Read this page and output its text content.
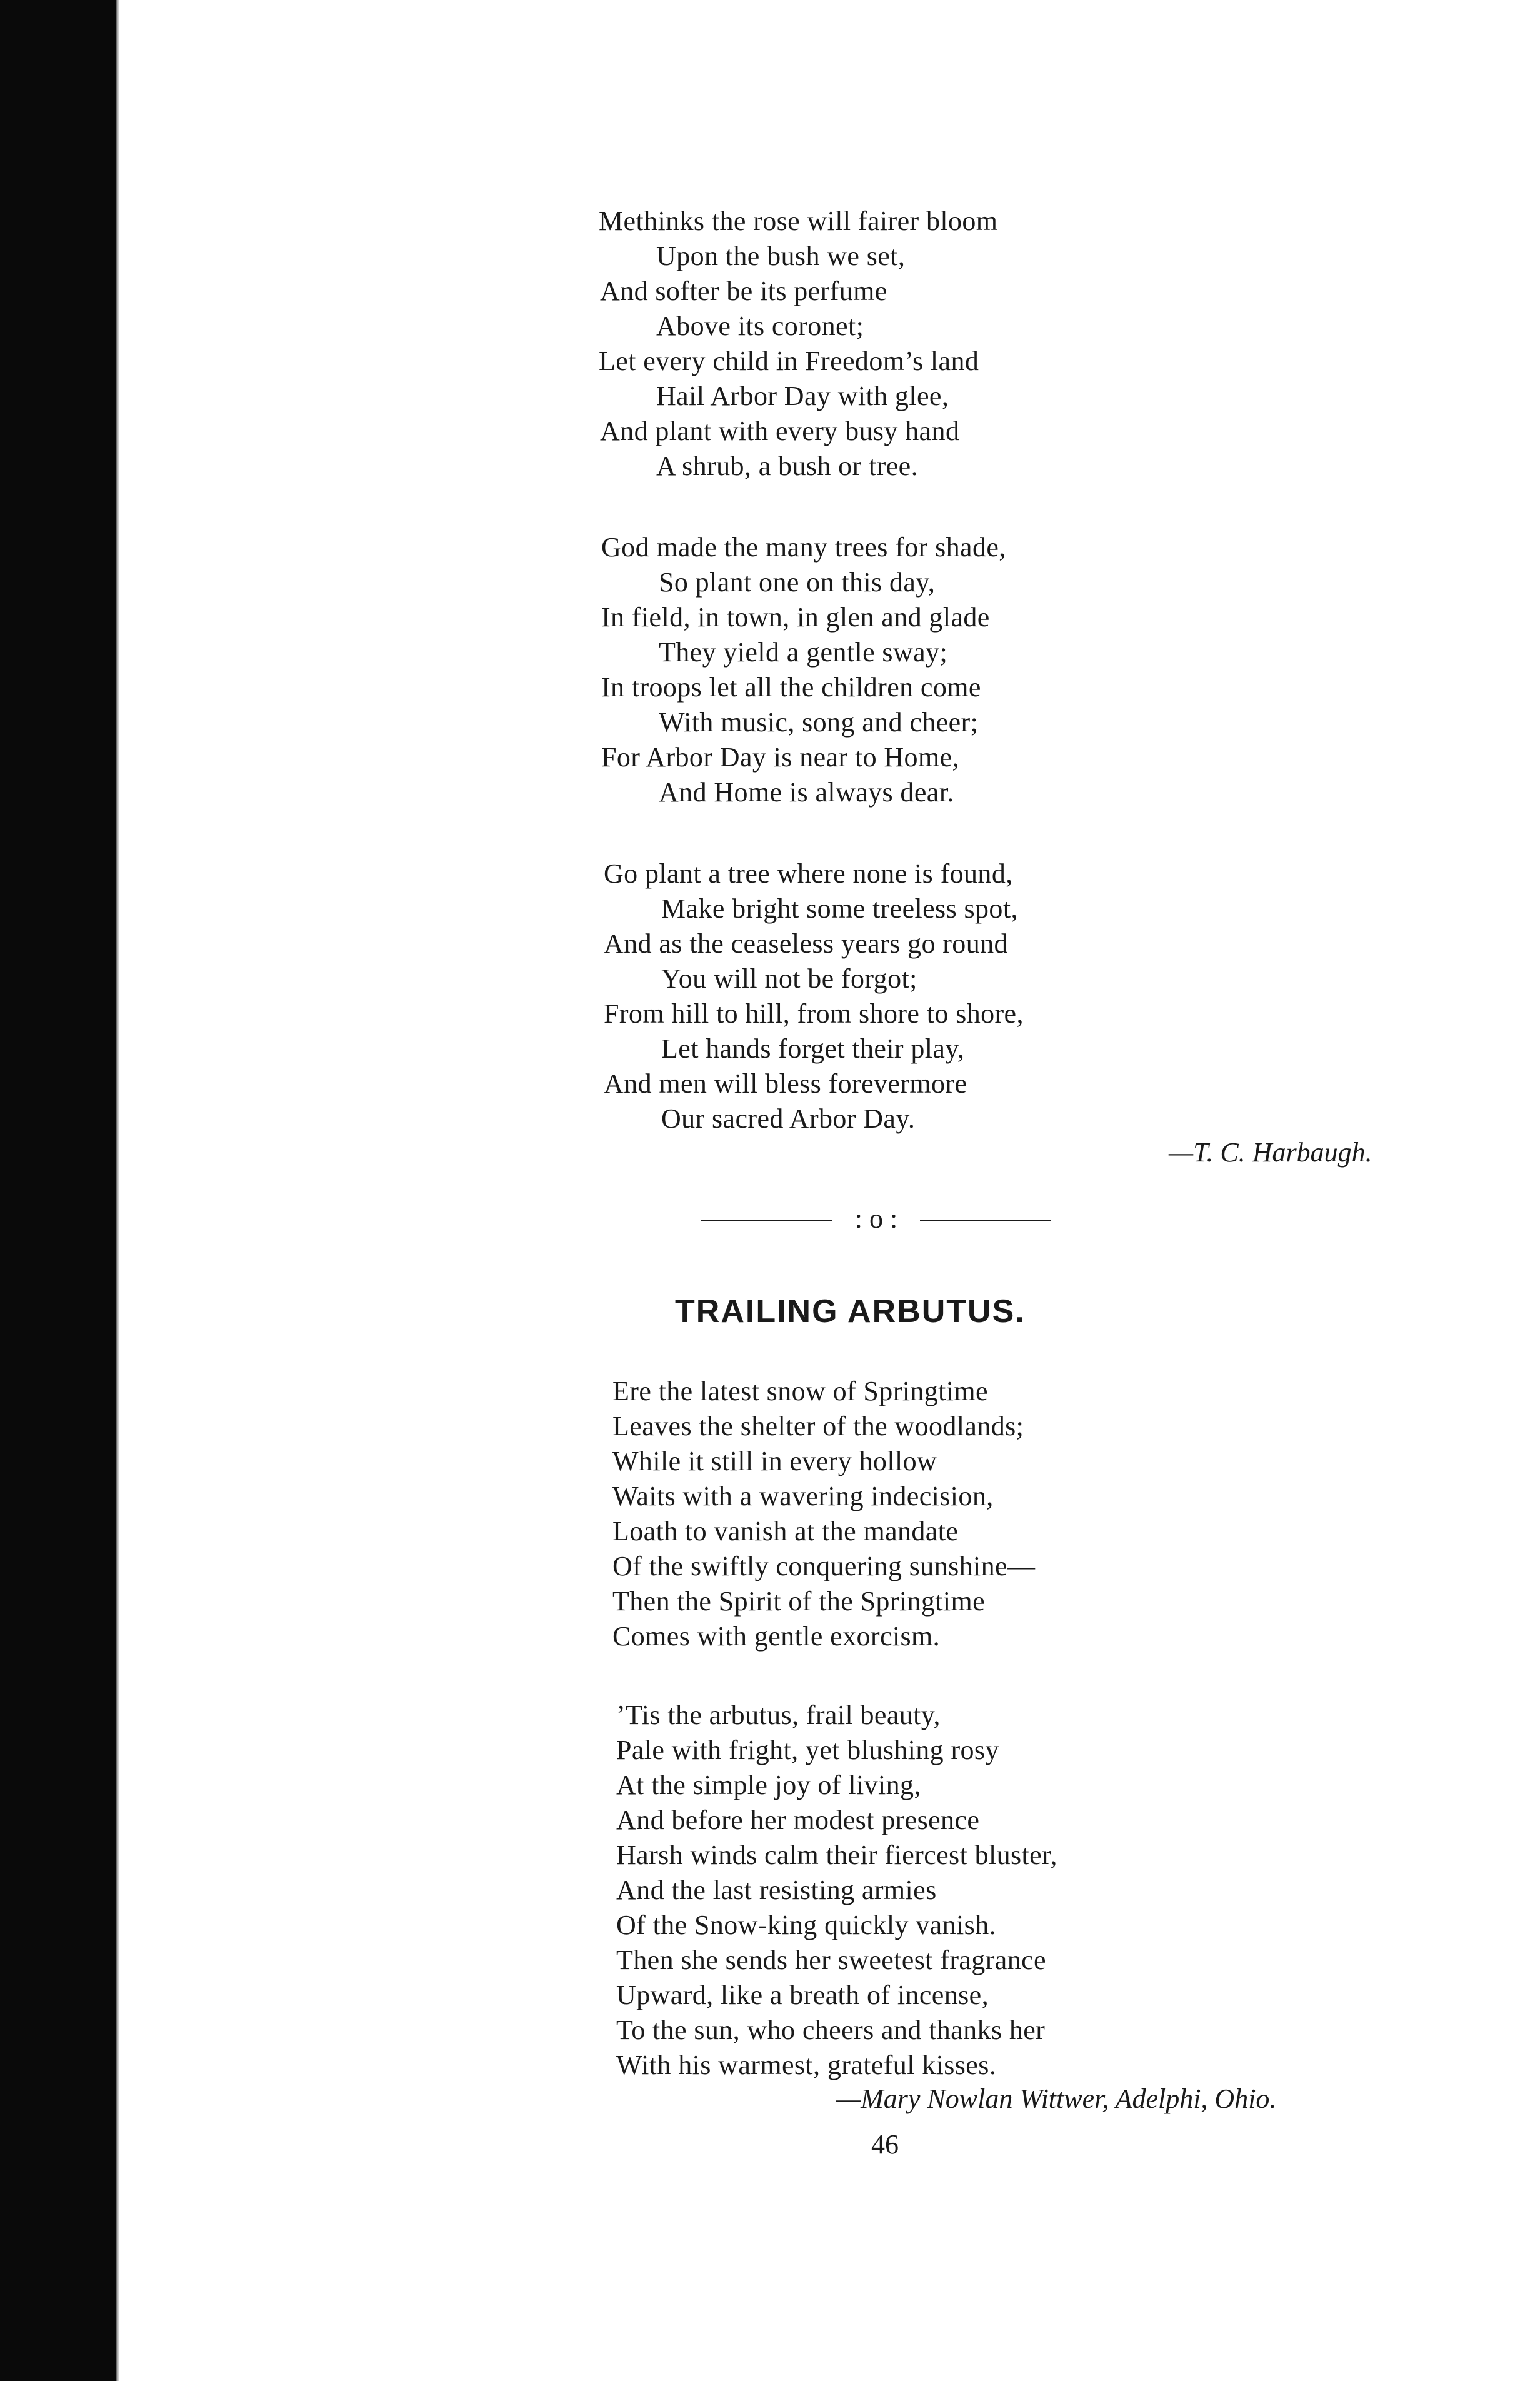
Methinks the rose will fairer bloom
Upon the bush we set,
And softer be its perfume
Above its coronet;
Let every child in Freedom’s land
Hail Arbor Day with glee,
And plant with every busy hand
A shrub, a bush or tree.
God made the many trees for shade,
So plant one on this day,
In field, in town, in glen and glade
They yield a gentle sway;
In troops let all the children come
With music, song and cheer;
For Arbor Day is near to Home,
And Home is always dear.
Go plant a tree where none is found,
Make bright some treeless spot,
And as the ceaseless years go round
You will not be forgot;
From hill to hill, from shore to shore,
Let hands forget their play,
And men will bless forevermore
Our sacred Arbor Day.
—T. C. Harbaugh.
: o :
TRAILING ARBUTUS.
Ere the latest snow of Springtime
Leaves the shelter of the woodlands;
While it still in every hollow
Waits with a wavering indecision,
Loath to vanish at the mandate
Of the swiftly conquering sunshine—
Then the Spirit of the Springtime
Comes with gentle exorcism.
’Tis the arbutus, frail beauty,
Pale with fright, yet blushing rosy
At the simple joy of living,
And before her modest presence
Harsh winds calm their fiercest bluster,
And the last resisting armies
Of the Snow-king quickly vanish.
Then she sends her sweetest fragrance
Upward, like a breath of incense,
To the sun, who cheers and thanks her
With his warmest, grateful kisses.
—Mary Nowlan Wittwer, Adelphi, Ohio.
46
